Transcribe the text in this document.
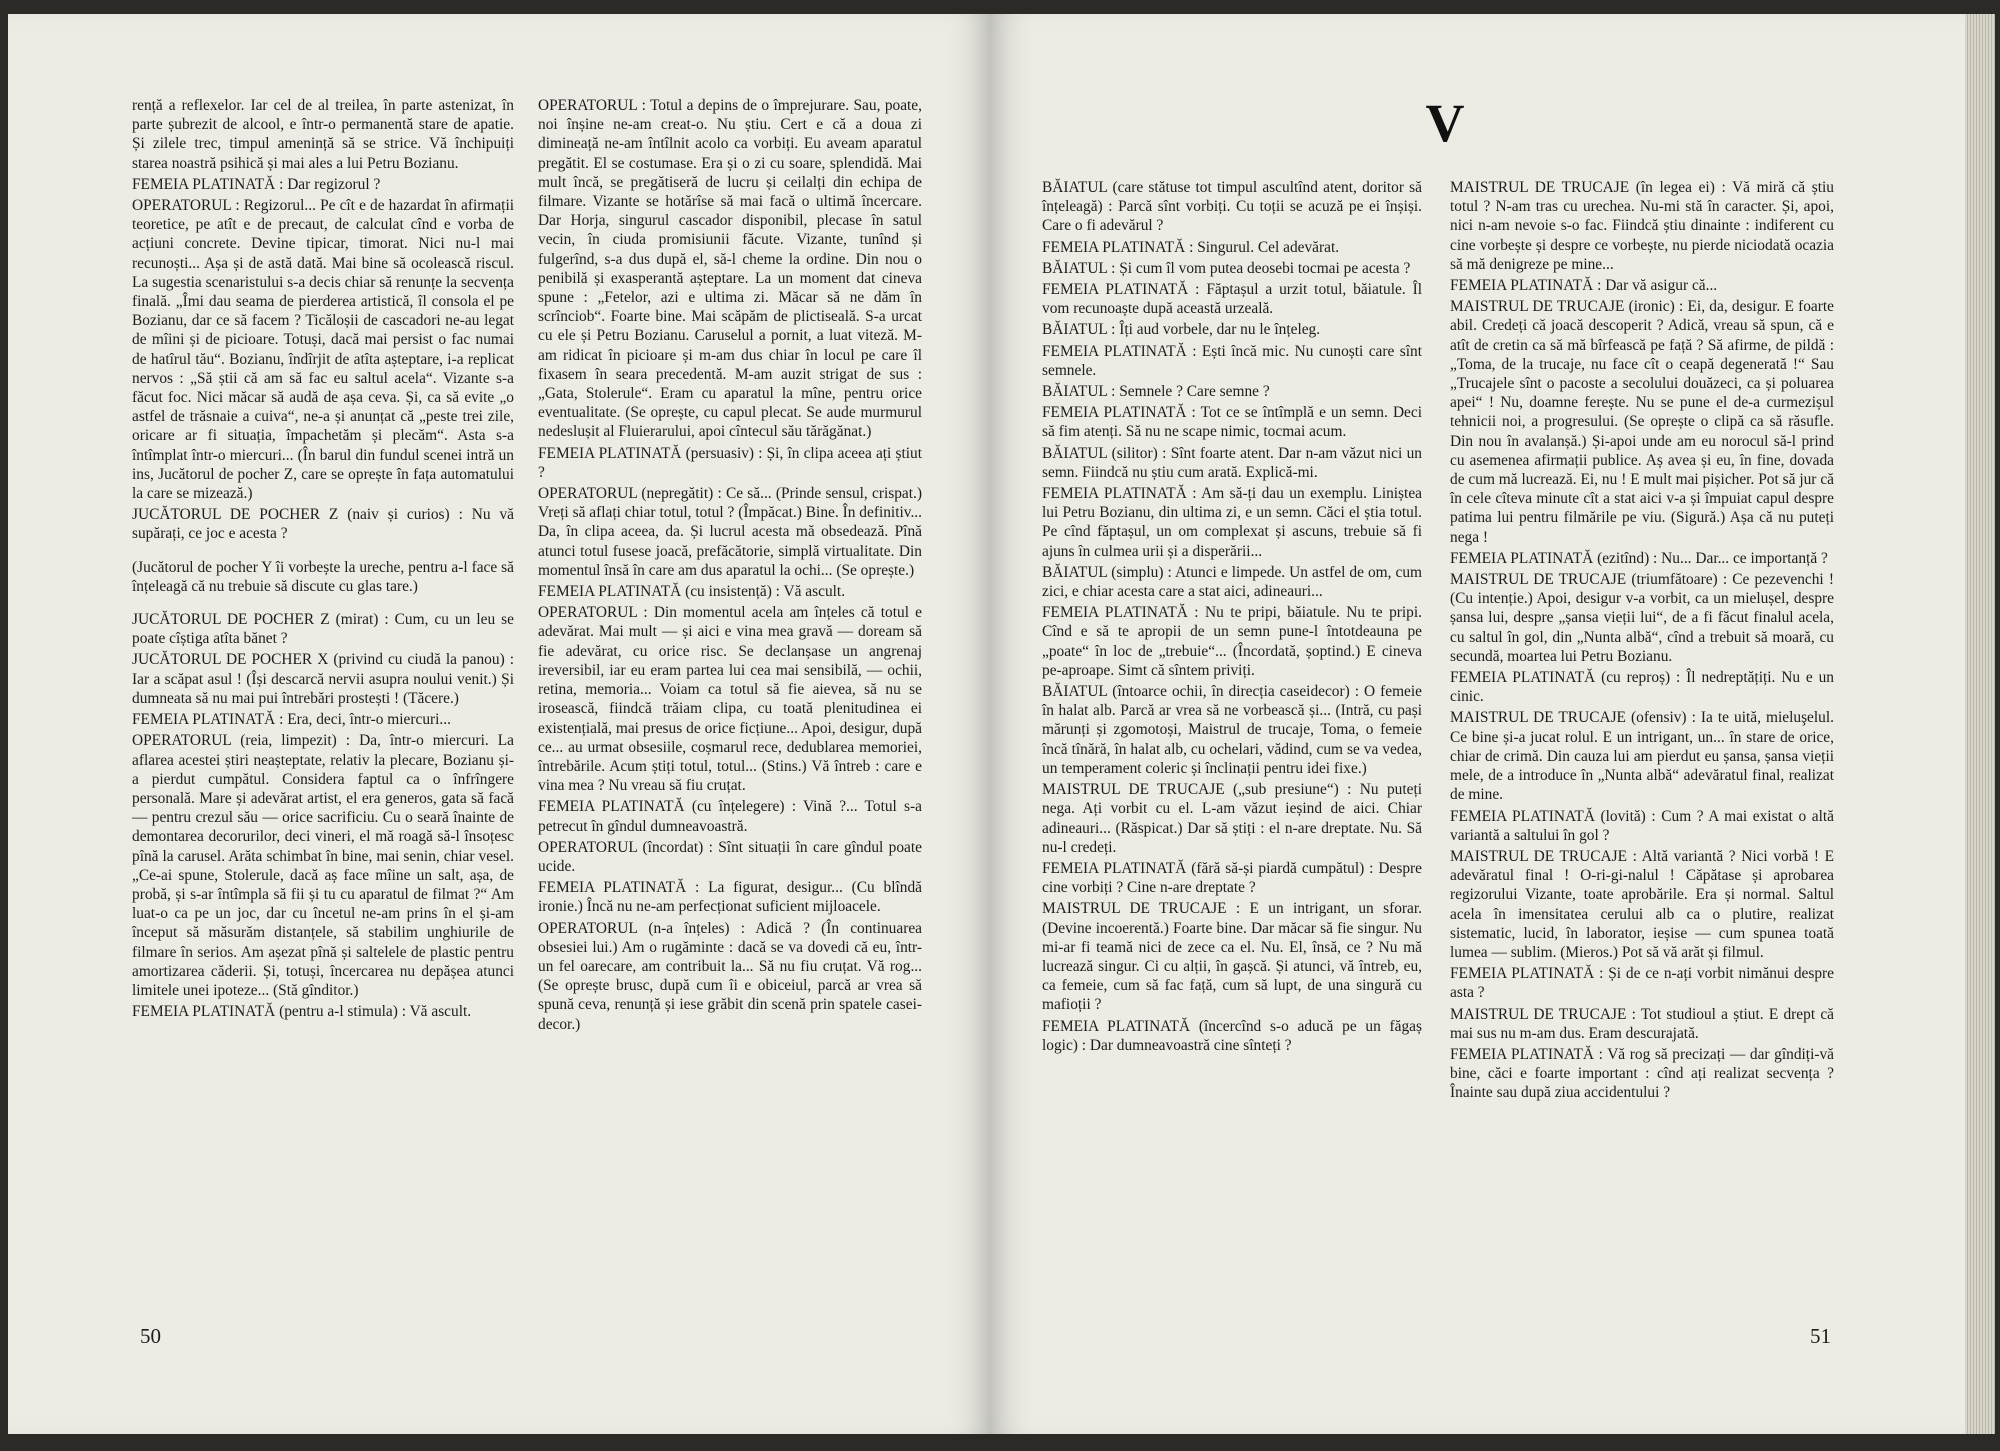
rență a reflexelor. Iar cel de al treilea, în parte astenizat, în parte șubrezit de alcool, e într-o permanentă stare de apatie. Și zilele trec, timpul amenință să se strice. Vă închipuiți starea noastră psihică și mai ales a lui Petru Bozianu.

FEMEIA PLATINATĂ : Dar regizorul ?

OPERATORUL : Regizorul... Pe cît e de hazardat în afirmații teoretice, pe atît e de precaut, de calculat cînd e vorba de acțiuni concrete. Devine tipicar, timorat. Nici nu-l mai recunoști... Așa și de astă dată. Mai bine să ocolească riscul. La sugestia scenaristului s-a decis chiar să renunțe la secvența finală. „Îmi dau seama de pierderea artistică, îl consola el pe Bozianu, dar ce să facem ? Ticăloșii de cascadori ne-au legat de mîini și de picioare. Totuși, dacă mai persist o fac numai de hatîrul tău“. Bozianu, îndîrjit de atîta așteptare, i-a replicat nervos : „Să știi că am să fac eu saltul acela“. Vizante s-a făcut foc. Nici măcar să audă de așa ceva. Și, ca să evite „o astfel de trăsnaie a cuiva“, ne-a și anunțat că „peste trei zile, oricare ar fi situația, împachetăm și plecăm“. Asta s-a întîmplat într-o miercuri... (În barul din fundul scenei intră un ins, Jucătorul de pocher Z, care se oprește în fața automatului la care se mizează.)

JUCĂTORUL DE POCHER Z (naiv și curios) : Nu vă supărați, ce joc e acesta ?

(Jucătorul de pocher Y îi vorbește la ureche, pentru a-l face să înțeleagă că nu trebuie să discute cu glas tare.)

JUCĂTORUL DE POCHER Z (mirat) : Cum, cu un leu se poate cîștiga atîta bănet ?

JUCĂTORUL DE POCHER X (privind cu ciudă la panou) : Iar a scăpat asul ! (Își descarcă nervii asupra noului venit.) Și dumneata să nu mai pui întrebări prostești ! (Tăcere.)

FEMEIA PLATINATĂ : Era, deci, într-o miercuri...

OPERATORUL (reia, limpezit) : Da, într-o miercuri. La aflarea acestei știri neașteptate, relativ la plecare, Bozianu și-a pierdut cumpătul. Considera faptul ca o înfrîngere personală. Mare și adevărat artist, el era generos, gata să facă — pentru crezul său — orice sacrificiu. Cu o seară înainte de demontarea decorurilor, deci vineri, el mă roagă să-l însoțesc pînă la carusel. Arăta schimbat în bine, mai senin, chiar vesel. „Ce-ai spune, Stolerule, dacă aș face mîine un salt, așa, de probă, și s-ar întîmpla să fii și tu cu aparatul de filmat ?“ Am luat-o ca pe un joc, dar cu încetul ne-am prins în el și-am început să măsurăm distanțele, să stabilim unghiurile de filmare în serios. Am așezat pînă și saltelele de plastic pentru amortizarea căderii. Și, totuși, încercarea nu depășea atunci limitele unei ipoteze... (Stă gînditor.)

FEMEIA PLATINATĂ (pentru a-l stimula) : Vă ascult.

OPERATORUL : Totul a depins de o împrejurare. Sau, poate, noi înșine ne-am creat-o. Nu știu. Cert e că a doua zi dimineață ne-am întîlnit acolo ca vorbiți. Eu aveam aparatul pregătit. El se costumase. Era și o zi cu soare, splendidă. Mai mult încă, se pregătiseră de lucru și ceilalți din echipa de filmare. Vizante se hotărîse să mai facă o ultimă încercare. Dar Horja, singurul cascador disponibil, plecase în satul vecin, în ciuda promisiunii făcute. Vizante, tunînd și fulgerînd, s-a dus după el, să-l cheme la ordine. Din nou o penibilă și exasperantă așteptare. La un moment dat cineva spune : „Fetelor, azi e ultima zi. Măcar să ne dăm în scrînciob“. Foarte bine. Mai scăpăm de plictiseală. S-a urcat cu ele și Petru Bozianu. Caruselul a pornit, a luat viteză. M-am ridicat în picioare și m-am dus chiar în locul pe care îl fixasem în seara precedentă. M-am auzit strigat de sus : „Gata, Stolerule“. Eram cu aparatul la mîne, pentru orice eventualitate. (Se oprește, cu capul plecat. Se aude murmurul nedeslușit al Fluierarului, apoi cîntecul său tărăgănat.)

FEMEIA PLATINATĂ (persuasiv) : Și, în clipa aceea ați știut ?

OPERATORUL (nepregătit) : Ce să... (Prinde sensul, crispat.) Vreți să aflați chiar totul, totul ? (Împăcat.) Bine. În definitiv... Da, în clipa aceea, da. Și lucrul acesta mă obsedează. Pînă atunci totul fusese joacă, prefăcătorie, simplă virtualitate. Din momentul însă în care am dus aparatul la ochi... (Se oprește.)

FEMEIA PLATINATĂ (cu insistență) : Vă ascult.

OPERATORUL : Din momentul acela am înțeles că totul e adevărat. Mai mult — și aici e vina mea gravă — doream să fie adevărat, cu orice risc. Se declanșase un angrenaj ireversibil, iar eu eram partea lui cea mai sensibilă, — ochii, retina, memoria... Voiam ca totul să fie aievea, să nu se irosească, fiindcă trăiam clipa, cu toată plenitudinea ei existențială, mai presus de orice ficțiune... Apoi, desigur, după ce... au urmat obsesiile, coșmarul rece, dedublarea memoriei, întrebările. Acum știți totul, totul... (Stins.) Vă întreb : care e vina mea ? Nu vreau să fiu cruțat.

FEMEIA PLATINATĂ (cu înțelegere) : Vină ?... Totul s-a petrecut în gîndul dumneavoastră.

OPERATORUL (încordat) : Sînt situații în care gîndul poate ucide.

FEMEIA PLATINATĂ : La figurat, desigur... (Cu blîndă ironie.) Încă nu ne-am perfecționat suficient mijloacele.

OPERATORUL (n-a înțeles) : Adică ? (În continuarea obsesiei lui.) Am o rugăminte : dacă se va dovedi că eu, într-un fel oarecare, am contribuit la... Să nu fiu cruțat. Vă rog... (Se oprește brusc, după cum îi e obiceiul, parcă ar vrea să spună ceva, renunță și iese grăbit din scenă prin spatele casei-decor.)

50
V

BĂIATUL (care stătuse tot timpul ascultînd atent, doritor să înțeleagă) : Parcă sînt vorbiți. Cu toții se acuză pe ei înșiși. Care o fi adevărul ?

FEMEIA PLATINATĂ : Singurul. Cel adevărat.

BĂIATUL : Și cum îl vom putea deosebi tocmai pe acesta ?

FEMEIA PLATINATĂ : Făptașul a urzit totul, băiatule. Îl vom recunoaște după această urzeală.

BĂIATUL : Îți aud vorbele, dar nu le înțeleg.

FEMEIA PLATINATĂ : Ești încă mic. Nu cunoști care sînt semnele.

BĂIATUL : Semnele ? Care semne ?

FEMEIA PLATINATĂ : Tot ce se întîmplă e un semn. Deci să fim atenți. Să nu ne scape nimic, tocmai acum.

BĂIATUL (silitor) : Sînt foarte atent. Dar n-am văzut nici un semn. Fiindcă nu știu cum arată. Explică-mi.

FEMEIA PLATINATĂ : Am să-ți dau un exemplu. Liniștea lui Petru Bozianu, din ultima zi, e un semn. Căci el știa totul. Pe cînd făptașul, un om complexat și ascuns, trebuie să fi ajuns în culmea urii și a disperării...

BĂIATUL (simplu) : Atunci e limpede. Un astfel de om, cum zici, e chiar acesta care a stat aici, adineauri...

FEMEIA PLATINATĂ : Nu te pripi, băiatule. Nu te pripi. Cînd e să te apropii de un semn pune-l întotdeauna pe „poate“ în loc de „trebuie“... (Încordată, șoptind.) E cineva pe-aproape. Simt că sîntem priviți.

BĂIATUL (întoarce ochii, în direcția caseidecor) : O femeie în halat alb. Parcă ar vrea să ne vorbească și... (Intră, cu pași mărunți și zgomotoși, Maistrul de trucaje, Toma, o femeie încă tînără, în halat alb, cu ochelari, vădind, cum se va vedea, un temperament coleric și înclinații pentru idei fixe.)

MAISTRUL DE TRUCAJE („sub presiune“) : Nu puteți nega. Ați vorbit cu el. L-am văzut ieșind de aici. Chiar adineauri... (Răspicat.) Dar să știți : el n-are dreptate. Nu. Să nu-l credeți.

FEMEIA PLATINATĂ (fără să-și piardă cumpătul) : Despre cine vorbiți ? Cine n-are dreptate ?

MAISTRUL DE TRUCAJE : E un intrigant, un sforar. (Devine incoerentă.) Foarte bine. Dar măcar să fie singur. Nu mi-ar fi teamă nici de zece ca el. Nu. El, însă, ce ? Nu mă lucrează singur. Ci cu alții, în gașcă. Și atunci, vă întreb, eu, ca femeie, cum să fac față, cum să lupt, de una singură cu mafioții ?

FEMEIA PLATINATĂ (încercînd s-o aducă pe un făgaș logic) : Dar dumneavoastră cine sînteți ?

MAISTRUL DE TRUCAJE (în legea ei) : Vă miră că știu totul ? N-am tras cu urechea. Nu-mi stă în caracter. Și, apoi, nici n-am nevoie s-o fac. Fiindcă știu dinainte : indiferent cu cine vorbește și despre ce vorbește, nu pierde niciodată ocazia să mă denigreze pe mine...

FEMEIA PLATINATĂ : Dar vă asigur că...

MAISTRUL DE TRUCAJE (ironic) : Ei, da, desigur. E foarte abil. Credeți că joacă descoperit ? Adică, vreau să spun, că e atît de cretin ca să mă bîrfească pe față ? Să afirme, de pildă : „Toma, de la trucaje, nu face cît o ceapă degenerată !“ Sau „Trucajele sînt o pacoste a secolului douăzeci, ca și poluarea apei“ ! Nu, doamne ferește. Nu se pune el de-a curmezișul tehnicii noi, a progresului. (Se oprește o clipă ca să răsufle. Din nou în avalanșă.) Și-apoi unde am eu norocul să-l prind cu asemenea afirmații publice. Aș avea și eu, în fine, dovada de cum mă lucrează. Ei, nu ! E mult mai pișicher. Pot să jur că în cele cîteva minute cît a stat aici v-a și împuiat capul despre patima lui pentru filmările pe viu. (Sigură.) Așa că nu puteți nega !

FEMEIA PLATINATĂ (ezitînd) : Nu... Dar... ce importanță ?

MAISTRUL DE TRUCAJE (triumfătoare) : Ce pezevenchi ! (Cu intenție.) Apoi, desigur v-a vorbit, ca un mielușel, despre șansa lui, despre „șansa vieții lui“, de a fi făcut finalul acela, cu saltul în gol, din „Nunta albă“, cînd a trebuit să moară, cu secundă, moartea lui Petru Bozianu.

FEMEIA PLATINATĂ (cu reproș) : Îl nedreptățiți. Nu e un cinic.

MAISTRUL DE TRUCAJE (ofensiv) : Ia te uită, mieluşelul. Ce bine și-a jucat rolul. E un intrigant, un... în stare de orice, chiar de crimă. Din cauza lui am pierdut eu șansa, șansa vieții mele, de a introduce în „Nunta albă“ adevăratul final, realizat de mine.

FEMEIA PLATINATĂ (lovită) : Cum ? A mai existat o altă variantă a saltului în gol ?

MAISTRUL DE TRUCAJE : Altă variantă ? Nici vorbă ! E adevăratul final ! O-ri-gi-nalul ! Căpătase și aprobarea regizorului Vizante, toate aprobările. Era și normal. Saltul acela în imensitatea cerului alb ca o plutire, realizat sistematic, lucid, în laborator, ieșise — cum spunea toată lumea — sublim. (Mieros.) Pot să vă arăt și filmul.

FEMEIA PLATINATĂ : Și de ce n-ați vorbit nimănui despre asta ?

MAISTRUL DE TRUCAJE : Tot studioul a știut. E drept că mai sus nu m-am dus. Eram descurajată.

FEMEIA PLATINATĂ : Vă rog să precizați — dar gîndiți-vă bine, căci e foarte important : cînd ați realizat secvența ? Înainte sau după ziua accidentului ?

51
